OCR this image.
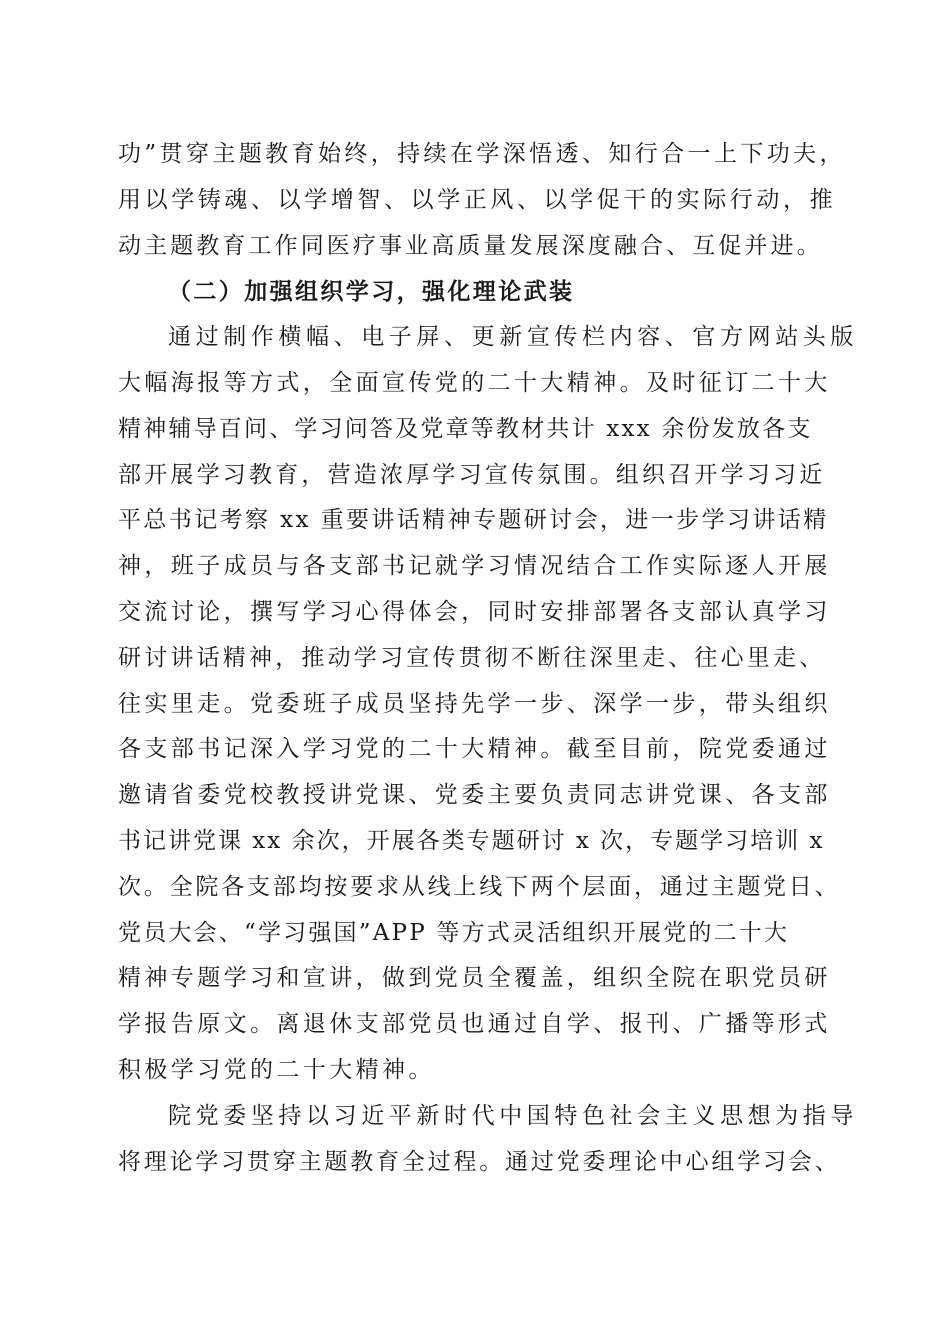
功”贯穿主题教育始终，持续在学深悟透、知行合一上下功夫，
用以学铸魂、以学增智、以学正风、以学促干的实际行动，推
动主题教育工作同医疗事业高质量发展深度融合、互促并进。
（二）加强组织学习，强化理论武装
通过制作横幅、电子屏、更新宣传栏内容、官方网站头版
大幅海报等方式，全面宣传党的二十大精神。及时征订二十大
精神辅导百问、学习问答及党章等教材共计 xxx 余份发放各支
部开展学习教育，营造浓厚学习宣传氛围。组织召开学习习近
平总书记考察 xx 重要讲话精神专题研讨会，进一步学习讲话精
神，班子成员与各支部书记就学习情况结合工作实际逐人开展
交流讨论，撰写学习心得体会，同时安排部署各支部认真学习
研讨讲话精神，推动学习宣传贯彻不断往深里走、往心里走、
往实里走。党委班子成员坚持先学一步、深学一步，带头组织
各支部书记深入学习党的二十大精神。截至目前，院党委通过
邀请省委党校教授讲党课、党委主要负责同志讲党课、各支部
书记讲党课 xx 余次，开展各类专题研讨 x 次，专题学习培训 x
次。全院各支部均按要求从线上线下两个层面，通过主题党日、
党员大会、“学习强国”APP 等方式灵活组织开展党的二十大
精神专题学习和宣讲，做到党员全覆盖，组织全院在职党员研
学报告原文。离退休支部党员也通过自学、报刊、广播等形式
积极学习党的二十大精神。
院党委坚持以习近平新时代中国特色社会主义思想为指导
将理论学习贯穿主题教育全过程。通过党委理论中心组学习会、
